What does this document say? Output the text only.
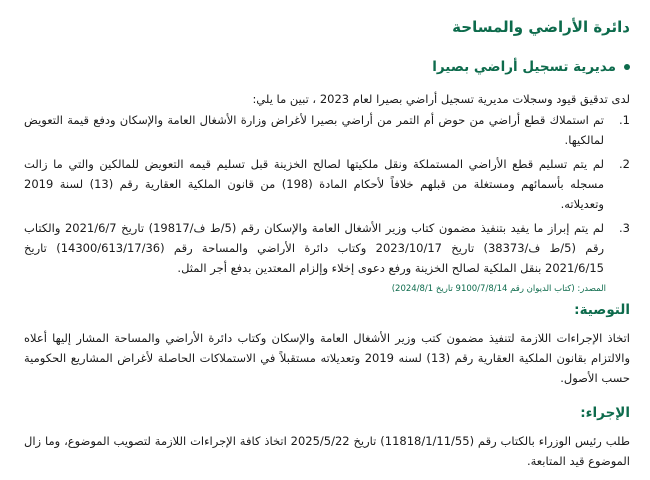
دائرة الأراضي والمساحة
مديرية تسجيل أراضي بصيرا

لدى تدقيق قيود وسجلات مديرية تسجيل أراضي بصيرا لعام 2023 ، تبين ما يلي:

1.
تم استملاك قطع أراضي من حوض أم التمر من أراضي بصيرا لأغراض وزارة الأشغال العامة والإسكان ودفع قيمة التعويض لمالكيها.
2.
لم يتم تسليم قطع الأراضي المستملكة ونقل ملكيتها لصالح الخزينة قبل تسليم قيمه التعويض للمالكين والتي ما زالت مسجله بأسمائهم ومستغلة من قبلهم خلافاً لأحكام المادة (198) من قانون الملكية العقارية رقم (13) لسنة 2019 وتعديلاته.
3.
لم يتم إبراز ما يفيد بتنفيذ مضمون كتاب وزير الأشغال العامة والإسكان رقم (5/ط ف/19817) تاريخ 2021/6/7 والكتاب رقم (5/ط ف/38373) تاريخ 2023/10/17 وكتاب دائرة الأراضي والمساحة رقم (14300/613/17/36) تاريخ 2021/6/15 بنقل الملكية لصالح الخزينة ورفع دعوى إخلاء وإلزام المعتدين بدفع أجر المثل.

المصدر: (كتاب الديوان رقم 9100/7/8/14 تاريخ 2024/8/1)

التوصية:

اتخاذ الإجراءات اللازمة لتنفيذ مضمون كتب وزير الأشغال العامة والإسكان وكتاب دائرة الأراضي والمساحة المشار إليها أعلاه والالتزام بقانون الملكية العقارية رقم (13) لسنه 2019 وتعديلاته مستقبلاً في الاستملاكات الحاصلة لأغراض المشاريع الحكومية حسب الأصول.

الإجراء:

طلب رئيس الوزراء بالكتاب رقم (11818/1/11/55) تاريخ 2025/5/22 اتخاذ كافة الإجراءات اللازمة لتصويب الموضوع، وما زال الموضوع قيد المتابعة.
